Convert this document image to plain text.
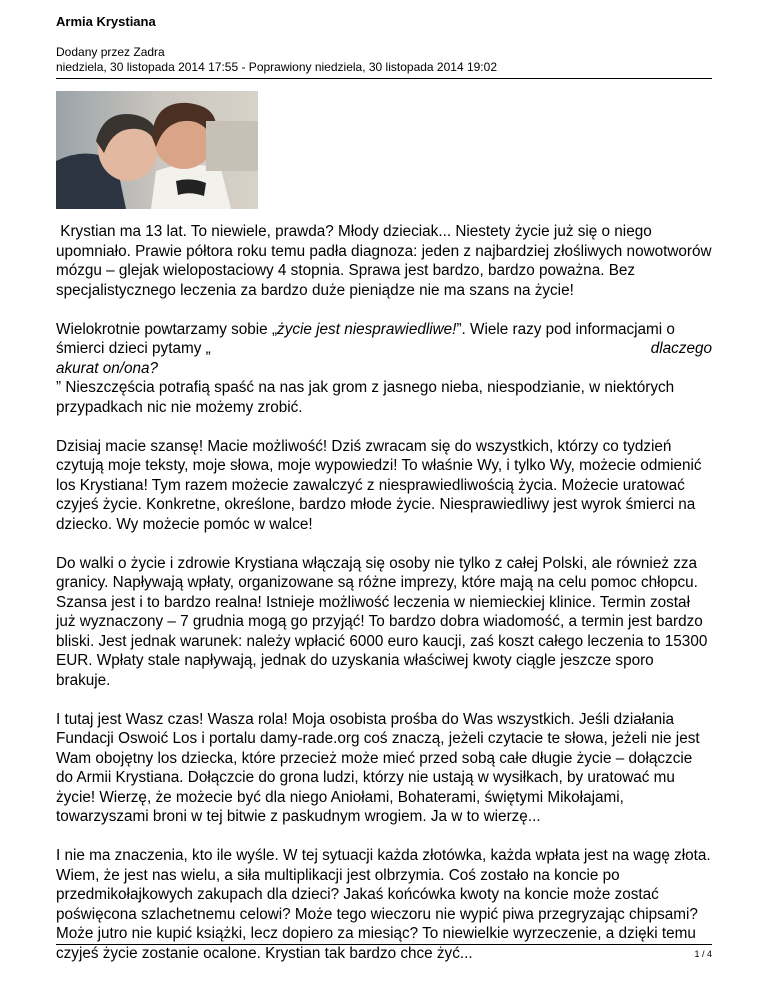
Armia Krystiana
Dodany przez Zadra
niedziela, 30 listopada 2014 17:55 - Poprawiony niedziela, 30 listopada 2014 19:02

Krystian ma 13 lat. To niewiele, prawda? Młody dzieciak... Niestety życie już się o niego upomniało. Prawie półtora roku temu padła diagnoza: jeden z najbardziej złośliwych nowotworów mózgu – glejak wielopostaciowy 4 stopnia. Sprawa jest bardzo, bardzo poważna. Bez specjalistycznego leczenia za bardzo duże pieniądze nie ma szans na życie!

Wielokrotnie powtarzamy sobie „życie jest niesprawiedliwe!”. Wiele razy pod informacjami o

śmierci dzieci pytamy „	dlaczego
akurat on/ona?
” Nieszczęścia potrafią spaść na nas jak grom z jasnego nieba, niespodzianie, w niektórych przypadkach nic nie możemy zrobić.

Dzisiaj macie szansę! Macie możliwość! Dziś zwracam się do wszystkich, którzy co tydzień czytują moje teksty, moje słowa, moje wypowiedzi! To właśnie Wy, i tylko Wy, możecie odmienić los Krystiana! Tym razem możecie zawalczyć z niesprawiedliwością życia. Możecie uratować czyjeś życie. Konkretne, określone, bardzo młode życie. Niesprawiedliwy jest wyrok śmierci na dziecko. Wy możecie pomóc w walce!

Do walki o życie i zdrowie Krystiana włączają się osoby nie tylko z całej Polski, ale również zza granicy. Napływają wpłaty, organizowane są różne imprezy, które mają na celu pomoc chłopcu. Szansa jest i to bardzo realna! Istnieje możliwość leczenia w niemieckiej klinice. Termin został już wyznaczony – 7 grudnia mogą go przyjąć! To bardzo dobra wiadomość, a termin jest bardzo bliski. Jest jednak warunek: należy wpłacić 6000 euro kaucji, zaś koszt całego leczenia to 15300 EUR. Wpłaty stale napływają, jednak do uzyskania właściwej kwoty ciągle jeszcze sporo brakuje.

I tutaj jest Wasz czas! Wasza rola! Moja osobista prośba do Was wszystkich. Jeśli działania Fundacji Oswoić Los i portalu damy-rade.org coś znaczą, jeżeli czytacie te słowa, jeżeli nie jest Wam obojętny los dziecka, które przecież może mieć przed sobą całe długie życie – dołączcie do Armii Krystiana. Dołączcie do grona ludzi, którzy nie ustają w wysiłkach, by uratować mu życie! Wierzę, że możecie być dla niego Aniołami, Bohaterami, świętymi Mikołajami, towarzyszami broni w tej bitwie z paskudnym wrogiem. Ja w to wierzę...

I nie ma znaczenia, kto ile wyśle. W tej sytuacji każda złotówka, każda wpłata jest na wagę złota. Wiem, że jest nas wielu, a siła multiplikacji jest olbrzymia. Coś zostało na koncie po przedmikołajkowych zakupach dla dzieci? Jakaś końcówka kwoty na koncie może zostać poświęcona szlachetnemu celowi? Może tego wieczoru nie wypić piwa przegryzając chipsami? Może jutro nie kupić książki, lecz dopiero za miesiąc? To niewielkie wyrzeczenie, a dzięki temu czyjeś życie zostanie ocalone. Krystian tak bardzo chce żyć...	1 / 4
